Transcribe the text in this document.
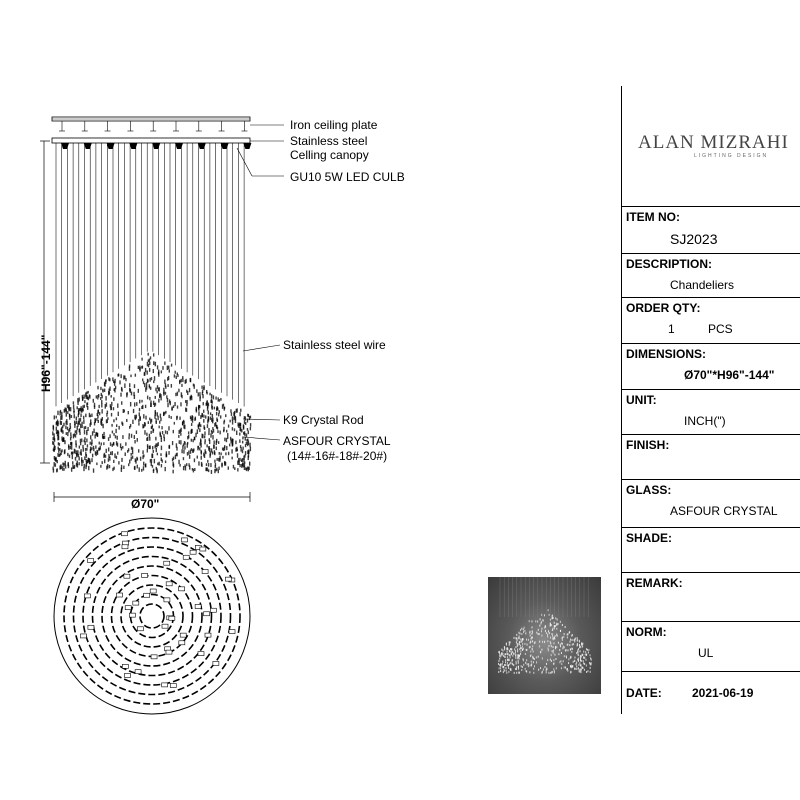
Iron ceiling plate
Stainless steel
Celling canopy
GU10 5W LED CULB
Stainless steel wire
K9 Crystal Rod
ASFOUR CRYSTAL
(14#-16#-18#-20#)
H96"-144"
Ø70"
ALAN MIZRAHI
LIGHTING DESIGN
ITEM NO:
SJ2023
DESCRIPTION:
Chandeliers
ORDER QTY:
1	PCS
DIMENSIONS:
Ø70"*H96"-144"
UNIT:
INCH(")
FINISH:
GLASS:
ASFOUR CRYSTAL
SHADE:
REMARK:
NORM:
UL
DATE:	2021-06-19
